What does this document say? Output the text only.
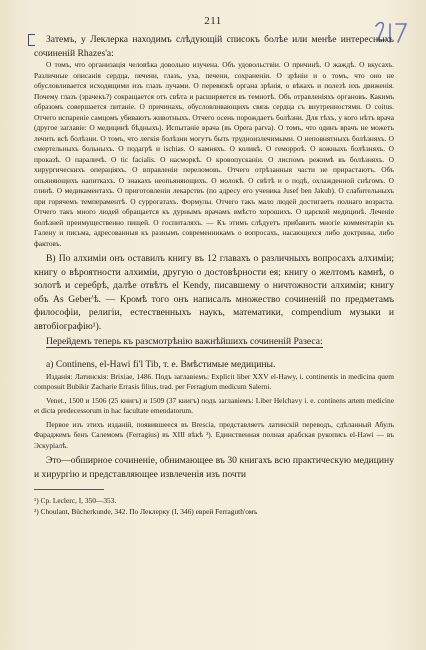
211

Затемъ, у Леклерка находимъ слѣдующій списокъ болѣе или менѣе интересныхъ сочиненій Rhazes'a:

О томъ, что организація человѣка довольно изучена. Объ удовольствіи. О причинѣ. О жаждѣ. О вкусахъ. Различные описанія сердца, печени, глазъ, уха, печени, сохраненіи. О зрѣніи и о томъ, что оно не обусловливается исходящими изъ глазъ лучами. О перевязкѣ органа зрѣнія, о вѣкахъ и полезѣ ихъ движенія. Почему глазъ (зрачекъ?) сокращается отъ свѣта и расширяется въ темнотѣ. Объ отравленіяхъ органовъ. Какимъ образомъ совершается питаніе. О причинахъ, обусловливающихъ связь сердца съ внутренностями. О coitus. Отчего испареніе самцомъ убиваютъ животныхъ. Отчего осень порождаетъ болѣзни. Для тѣхъ, у кого нѣтъ врача (другое заглавіе: О медицинѣ бѣдныхъ). Испытаніе врача (въ Opera parva). О томъ, что одинъ врачъ не можетъ лечить всѣ болѣзни. О томъ, что легкія болѣзни могутъ быть трудноизлечимыми. О неповнятныхъ болѣзняхъ. О смертельныхъ больныхъ. О подагрѣ и ischias. О камняхъ. О коликѣ. О геморроѣ. О кожныхъ болѣзняхъ. О проказѣ. О параличѣ. О tic facialis. О насморкѣ. О кровопусканіи. О лиспомъ режимѣ въ болѣзняхъ. О хирургическихъ операціяхъ. О вправленіи переломовъ. Отчего отрѣзанныя части не прирастаютъ. Объ опьяняющихъ напиткахъ. О знакахъ неопьяняющихъ. О молокѣ. О свѣтѣ и о подѣ, охлажденной снѣгомъ. О глинѣ. О медикаментахъ. О приготовленіи лекарствъ (по адресу его ученика Jusef ben Jakub). О слабительныхъ при горячемъ темпераментѣ. О суррогатахъ. Формулы. Отчего такъ мало людей достигаетъ полнаго возраста. Отчего такъ много людей обращается къ дурнымъ врачамъ вмѣсто хорошихъ. О царской медицинѣ. Леченіе болѣзней преимущественно пищей. О госпиталяхъ. — Къ этимъ слѣдуетъ прибавить многіе комментаріи къ Галену и письма, адресованныя къ разнымъ современникамъ о вопросахъ, насающихся либо доктрины, либо фактовъ.

В) По алхиміи онъ оставилъ книгу въ 12 главахъ о различныхъ вопросахъ алхиміи; книгу о вѣроятности алхиміи, другую о достовѣрности ея; книгу о желтомъ камнѣ, о золотѣ и серебрѣ, далѣе отвѣтъ el Kendy, писавшему о ничтожности алхиміи; книгу объ As Geber'ѣ. — Кромѣ того онъ написалъ множество сочиненій по предметамъ философіи, религіи, естественныхъ наукъ, математики, compendium музыки и автобіографію¹).

Перейдемъ теперь къ разсмотрѣнію важнѣйшихъ сочиненій Разеса:

a) Continens, el-Hawi fi'l Tib, т. е. Вмѣстимые медицины.

Изданія: Латинскія: Brixiae, 1486. Подъ заглавіемъ: Explicit liber XXV el-Hawy, i. continentis in medicina quem composuit Bubikir Zacharie Errasis filius, trad. per Ferragium medicum Salerni.

Venet., 1500 и 1506 (25 книгъ) и 1509 (37 книгъ) подъ заглавіемъ: Liber Helchavy i. e. continens artem medicine et dicta predecessorum in hac facultate emendatorum.

Первое изъ этихъ изданій, появившееся въ Brescia, представляетъ латинскій переводъ, сдѣланный Абулъ Фараджемъ бенъ Салемомъ (Ferragius) въ XIII вѣкѣ ²). Единственная полная арабская рукопись el-Hawi — въ Эскуріалѣ.

Это—обширное сочиненіе, обнимающее въ 30 книгахъ всю практическую медицину и хирургію и представляющее извлеченія изъ почти

¹) Ср. Leclerc, I, 350—353.

²) Choulant, Bücherkunde, 342. По Леклерку (I, 346) еврей Ferraguth'омъ
